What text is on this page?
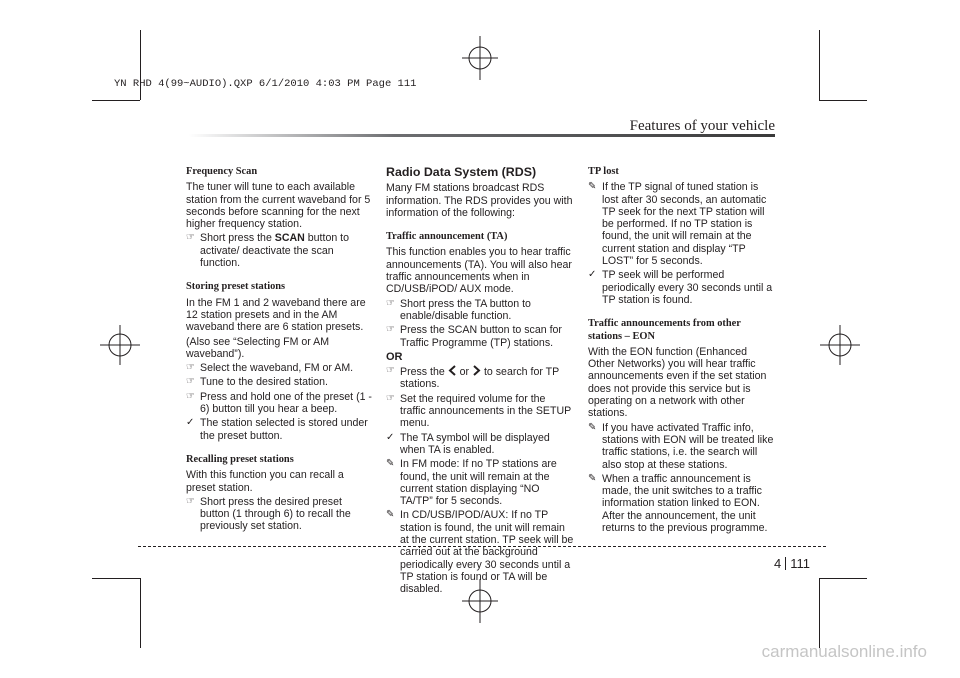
YN RHD 4(99~AUDIO).QXP 6/1/2010 4:03 PM Page 111
Features of your vehicle
Frequency Scan

The tuner will tune to each available station from the current waveband for 5 seconds before scanning for the next higher frequency station.

☞ Short press the SCAN button to activate/ deactivate the scan function.
Storing preset stations

In the FM 1 and 2 waveband there are 12 station presets and in the AM waveband there are 6 station presets.

(Also see “Selecting FM or AM waveband”).

☞ Select the waveband, FM or AM.
☞ Tune to the desired station.
☞ Press and hold one of the preset (1 - 6) button till you hear a beep.
✓ The station selected is stored under the preset button.
Recalling preset stations

With this function you can recall a preset station.

☞ Short press the desired preset button (1 through 6) to recall the previously set station.
Radio Data System (RDS)

Many FM stations broadcast RDS information. The RDS provides you with information of the following:

Traffic announcement (TA)

This function enables you to hear traffic announcements (TA). You will also hear traffic announcements when in CD/USB/iPOD/ AUX mode.

☞ Short press the TA button to enable/disable function.
☞ Press the SCAN button to scan for Traffic Programme (TP) stations.
OR
☞ Press the or to search for TP stations.
☞ Set the required volume for the traffic announcements in the SETUP menu.
✓ The TA symbol will be displayed when TA is enabled.
✎ In FM mode: If no TP stations are found, the unit will remain at the current station displaying “NO TA/TP” for 5 seconds.
✎ In CD/USB/IPOD/AUX: If no TP station is found, the unit will remain at the current station. TP seek will be carried out at the background periodically every 30 seconds until a TP station is found or TA will be disabled.
TP lost
✎ If the TP signal of tuned station is lost after 30 seconds, an automatic TP seek for the next TP station will be performed. If no TP station is found, the unit will remain at the current station and display “TP LOST” for 5 seconds.
✓ TP seek will be performed periodically every 30 seconds until a TP station is found.
Traffic announcements from other stations – EON

With the EON function (Enhanced Other Networks) you will hear traffic announcements even if the set station does not provide this service but is operating on a network with other stations.

✎ If you have activated Traffic info, stations with EON will be treated like traffic stations, i.e. the search will also stop at these stations.
✎ When a traffic announcement is made, the unit switches to a traffic information station linked to EON. After the announcement, the unit returns to the previous programme.
4 111
carmanualsonline.info
